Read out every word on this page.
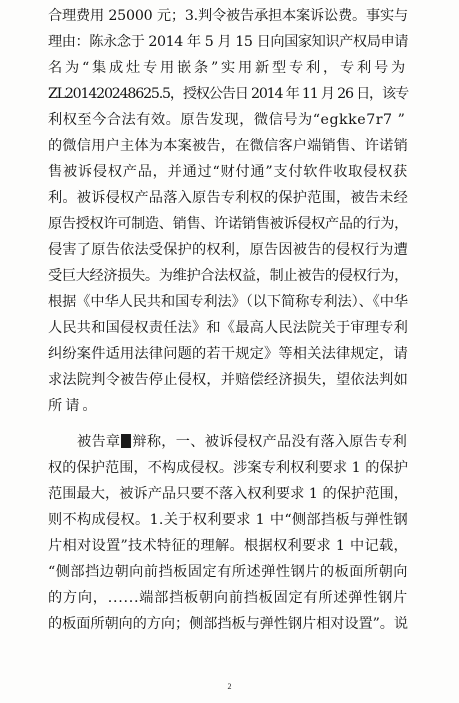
合理费用 25000 元；3.判令被告承担本案诉讼费。事实与
理由：陈永念于 2014 年 5 月 15 日向国家知识产权局申请
名为“集成灶专用嵌条”实用新型专利，专利号为
ZL201420248625.5，授权公告日 2014 年 11 月 26 日，该专
利权至今合法有效。原告发现，微信号为“egkke7r7 ”
的微信用户主体为本案被告，在微信客户端销售、许诺销
售被诉侵权产品，并通过“财付通”支付软件收取侵权获
利。被诉侵权产品落入原告专利权的保护范围，被告未经
原告授权许可制造、销售、许诺销售被诉侵权产品的行为，
侵害了原告依法受保护的权利，原告因被告的侵权行为遭
受巨大经济损失。为维护合法权益，制止被告的侵权行为，
根据《中华人民共和国专利法》（以下简称专利法）、《中华
人民共和国侵权责任法》和《最高人民法院关于审理专利
纠纷案件适用法律问题的若干规定》等相关法律规定，请
求法院判令被告停止侵权，并赔偿经济损失，望依法判如
所请。
被告章 辩称，一、被诉侵权产品没有落入原告专利
权的保护范围，不构成侵权。涉案专利权利要求 1 的保护
范围最大，被诉产品只要不落入权利要求 1 的保护范围，
则不构成侵权。1.关于权利要求 1 中“侧部挡板与弹性钢
片相对设置”技术特征的理解。根据权利要求 1 中记载，
“侧部挡边朝向前挡板固定有所述弹性钢片的板面所朝向
的方向，......端部挡板朝向前挡板固定有所述弹性钢片
的板面所朝向的方向；侧部挡板与弹性钢片相对设置”。说
2
